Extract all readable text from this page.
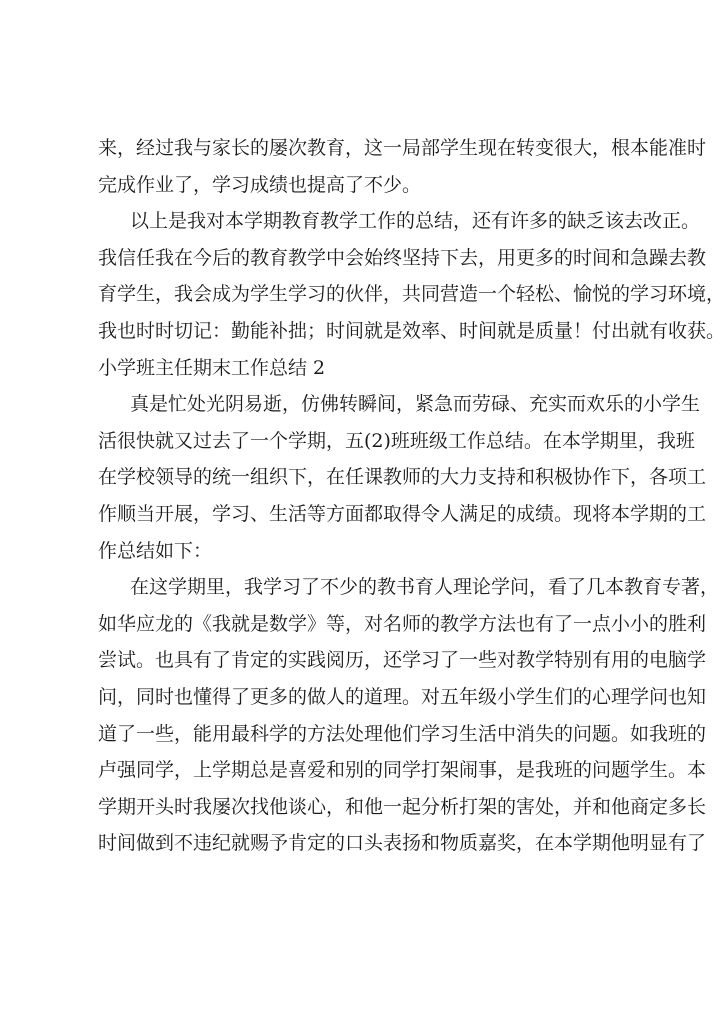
来，经过我与家长的屡次教育，这一局部学生现在转变很大，根本能准时
完成作业了，学习成绩也提高了不少。
以上是我对本学期教育教学工作的总结，还有许多的缺乏该去改正。
我信任我在今后的教育教学中会始终坚持下去，用更多的时间和急躁去教
育学生，我会成为学生学习的伙伴，共同营造一个轻松、愉悦的学习环境，
我也时时切记：勤能补拙；时间就是效率、时间就是质量！付出就有收获。
小学班主任期末工作总结 2
真是忙处光阴易逝，仿佛转瞬间，紧急而劳碌、充实而欢乐的小学生
活很快就又过去了一个学期，五(2)班班级工作总结。在本学期里，我班
在学校领导的统一组织下，在任课教师的大力支持和积极协作下，各项工
作顺当开展，学习、生活等方面都取得令人满足的成绩。现将本学期的工
作总结如下：
在这学期里，我学习了不少的教书育人理论学问，看了几本教育专著，
如华应龙的《我就是数学》等，对名师的教学方法也有了一点小小的胜利
尝试。也具有了肯定的实践阅历，还学习了一些对教学特别有用的电脑学
问，同时也懂得了更多的做人的道理。对五年级小学生们的心理学问也知
道了一些，能用最科学的方法处理他们学习生活中消失的问题。如我班的
卢强同学，上学期总是喜爱和别的同学打架闹事，是我班的问题学生。本
学期开头时我屡次找他谈心，和他一起分析打架的害处，并和他商定多长
时间做到不违纪就赐予肯定的口头表扬和物质嘉奖，在本学期他明显有了
